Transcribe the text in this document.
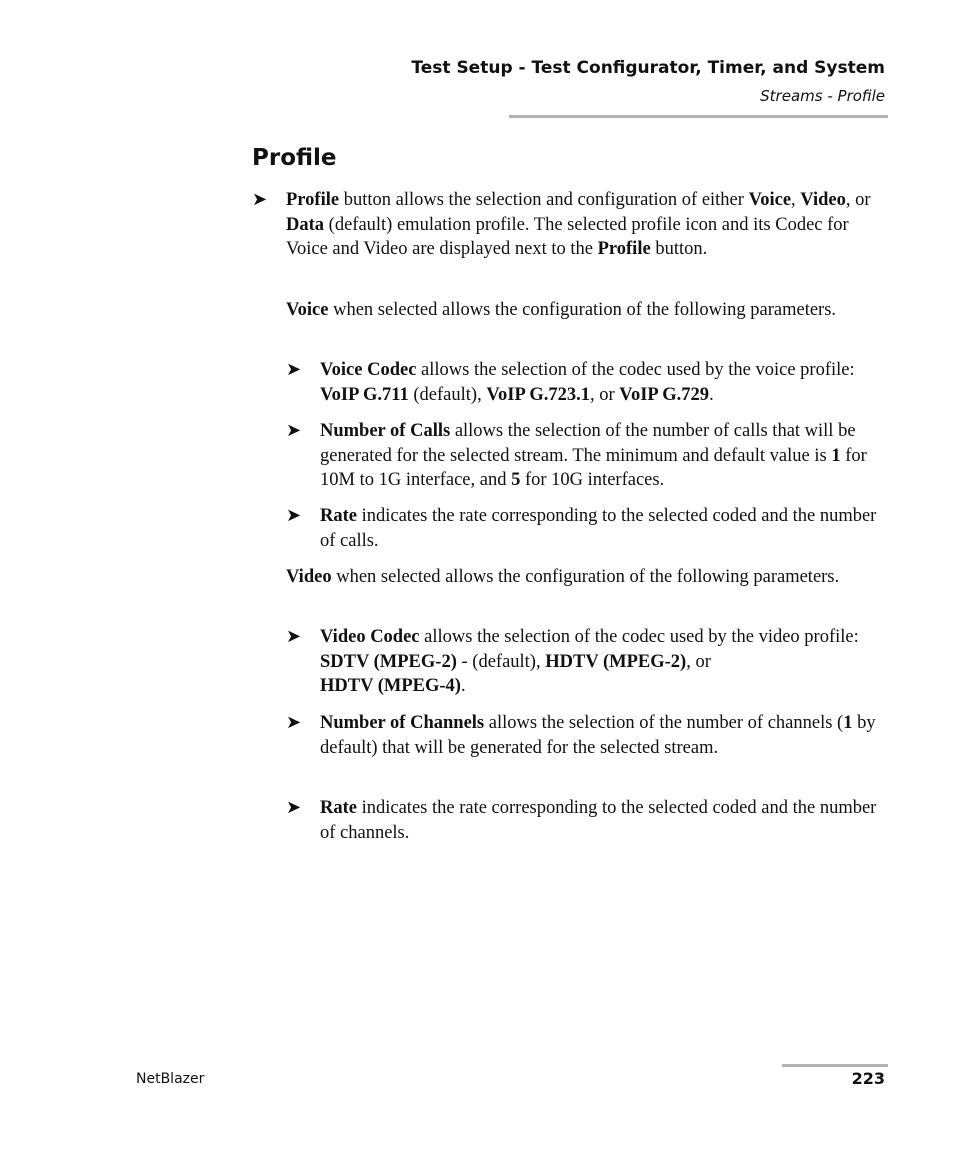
Test Setup - Test Configurator, Timer, and System
Streams - Profile
Profile
➤	Profile button allows the selection and configuration of either Voice, Video, or Data (default) emulation profile. The selected profile icon and its Codec for Voice and Video are displayed next to the Profile button.
Voice when selected allows the configuration of the following parameters.
➤	Voice Codec allows the selection of the codec used by the voice profile: VoIP G.711 (default), VoIP G.723.1, or VoIP G.729.
➤	Number of Calls allows the selection of the number of calls that will be generated for the selected stream. The minimum and default value is 1 for 10M to 1G interface, and 5 for 10G interfaces.
➤	Rate indicates the rate corresponding to the selected coded and the number of calls.
Video when selected allows the configuration of the following parameters.
➤	Video Codec allows the selection of the codec used by the video profile: SDTV (MPEG-2) - (default), HDTV (MPEG-2), or
HDTV (MPEG-4).
➤	Number of Channels allows the selection of the number of channels (1 by default) that will be generated for the selected stream.
➤	Rate indicates the rate corresponding to the selected coded and the number of channels.
NetBlazer	223
